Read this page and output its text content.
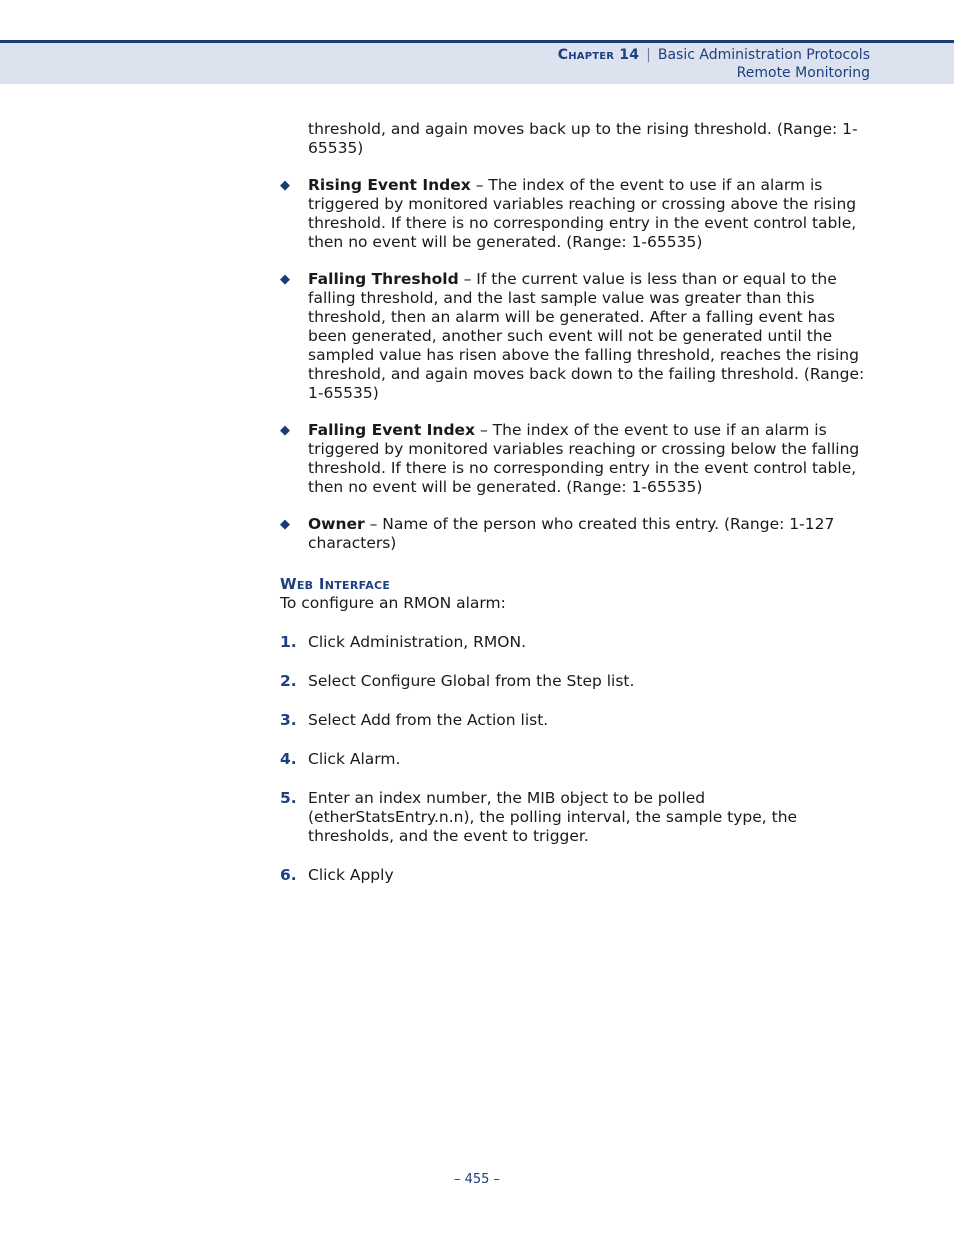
Chapter 14 | Basic Administration Protocols
Remote Monitoring
threshold, and again moves back up to the rising threshold. (Range: 1-65535)
◆ Rising Event Index – The index of the event to use if an alarm is triggered by monitored variables reaching or crossing above the rising threshold. If there is no corresponding entry in the event control table, then no event will be generated. (Range: 1-65535)
◆ Falling Threshold – If the current value is less than or equal to the falling threshold, and the last sample value was greater than this threshold, then an alarm will be generated. After a falling event has been generated, another such event will not be generated until the sampled value has risen above the falling threshold, reaches the rising threshold, and again moves back down to the failing threshold. (Range: 1-65535)
◆ Falling Event Index – The index of the event to use if an alarm is triggered by monitored variables reaching or crossing below the falling threshold. If there is no corresponding entry in the event control table, then no event will be generated. (Range: 1-65535)
◆ Owner – Name of the person who created this entry. (Range: 1-127 characters)
Web Interface
To configure an RMON alarm:
1. Click Administration, RMON.
2. Select Configure Global from the Step list.
3. Select Add from the Action list.
4. Click Alarm.
5. Enter an index number, the MIB object to be polled (etherStatsEntry.n.n), the polling interval, the sample type, the thresholds, and the event to trigger.
6. Click Apply
– 455 –
